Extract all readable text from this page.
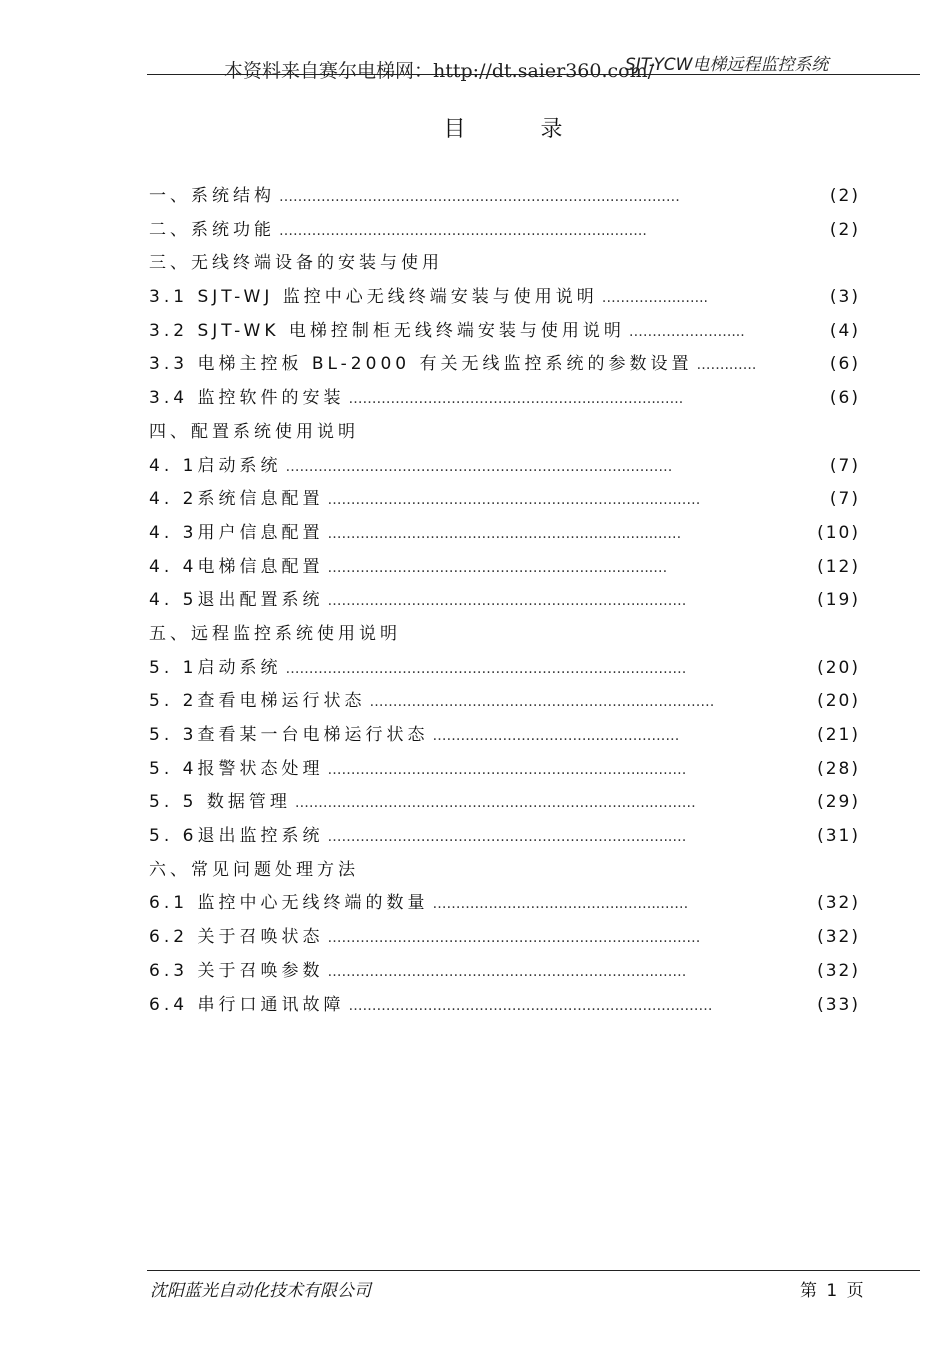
本资料来自赛尔电梯网：http://dt.saier360.com/
SJT-YCW电梯远程监控系统
目 录
一、系统结构 ……………………………………………………………..……………	(2)
二、系统功能 ……………………………………………………………..……..	(2)
三、无线终端设备的安装与使用
3.1 SJT-WJ 监控中心无线终端安装与使用说明 ……………..…...	(3)
3.2 SJT-WK 电梯控制柜无线终端安装与使用说明 …………………....	(4)
3.3 电梯主控板 BL-2000 有关无线监控系统的参数设置 ……..…..	(6)
3.4 监控软件的安装 ……………………………………………..…………..…..	(6)
四、配置系统使用说明
4. 1启动系统 ………………………………………………………………..………	(7)
4. 2系统信息配置 ……………………………………………………………..………	(7)
4. 3用户信息配置 ………………………………………………………..…..……	(10)
4. 4电梯信息配置 ……………………………………………………..……..…	(12)
4. 5退出配置系统 …………………………………………………………..………	(19)
五、远程监控系统使用说明
5. 1启动系统 ………………………………………………………………..…………	(20)
5. 2查看电梯运行状态 …………………………………………………..……………	(20)
5. 3查看某一台电梯运行状态 ……………………………..………………	(21)
5. 4报警状态处理 …………………………………………………………..………	(28)
5. 5 数据管理 …………………………………………………………………..………	(29)
5. 6退出监控系统 ………………………………………………………………..…	(31)
六、常见问题处理方法
6.1 监控中心无线终端的数量 …………………………………..……..……	(32)
6.2 关于召唤状态 ……………………………………………………………..………	(32)
6.3 关于召唤参数 ……………………………………………………………..……	(32)
6.4 串行口通讯故障 ……………………………………………………………………	(33)
沈阳蓝光自动化技术有限公司	第 1 页
